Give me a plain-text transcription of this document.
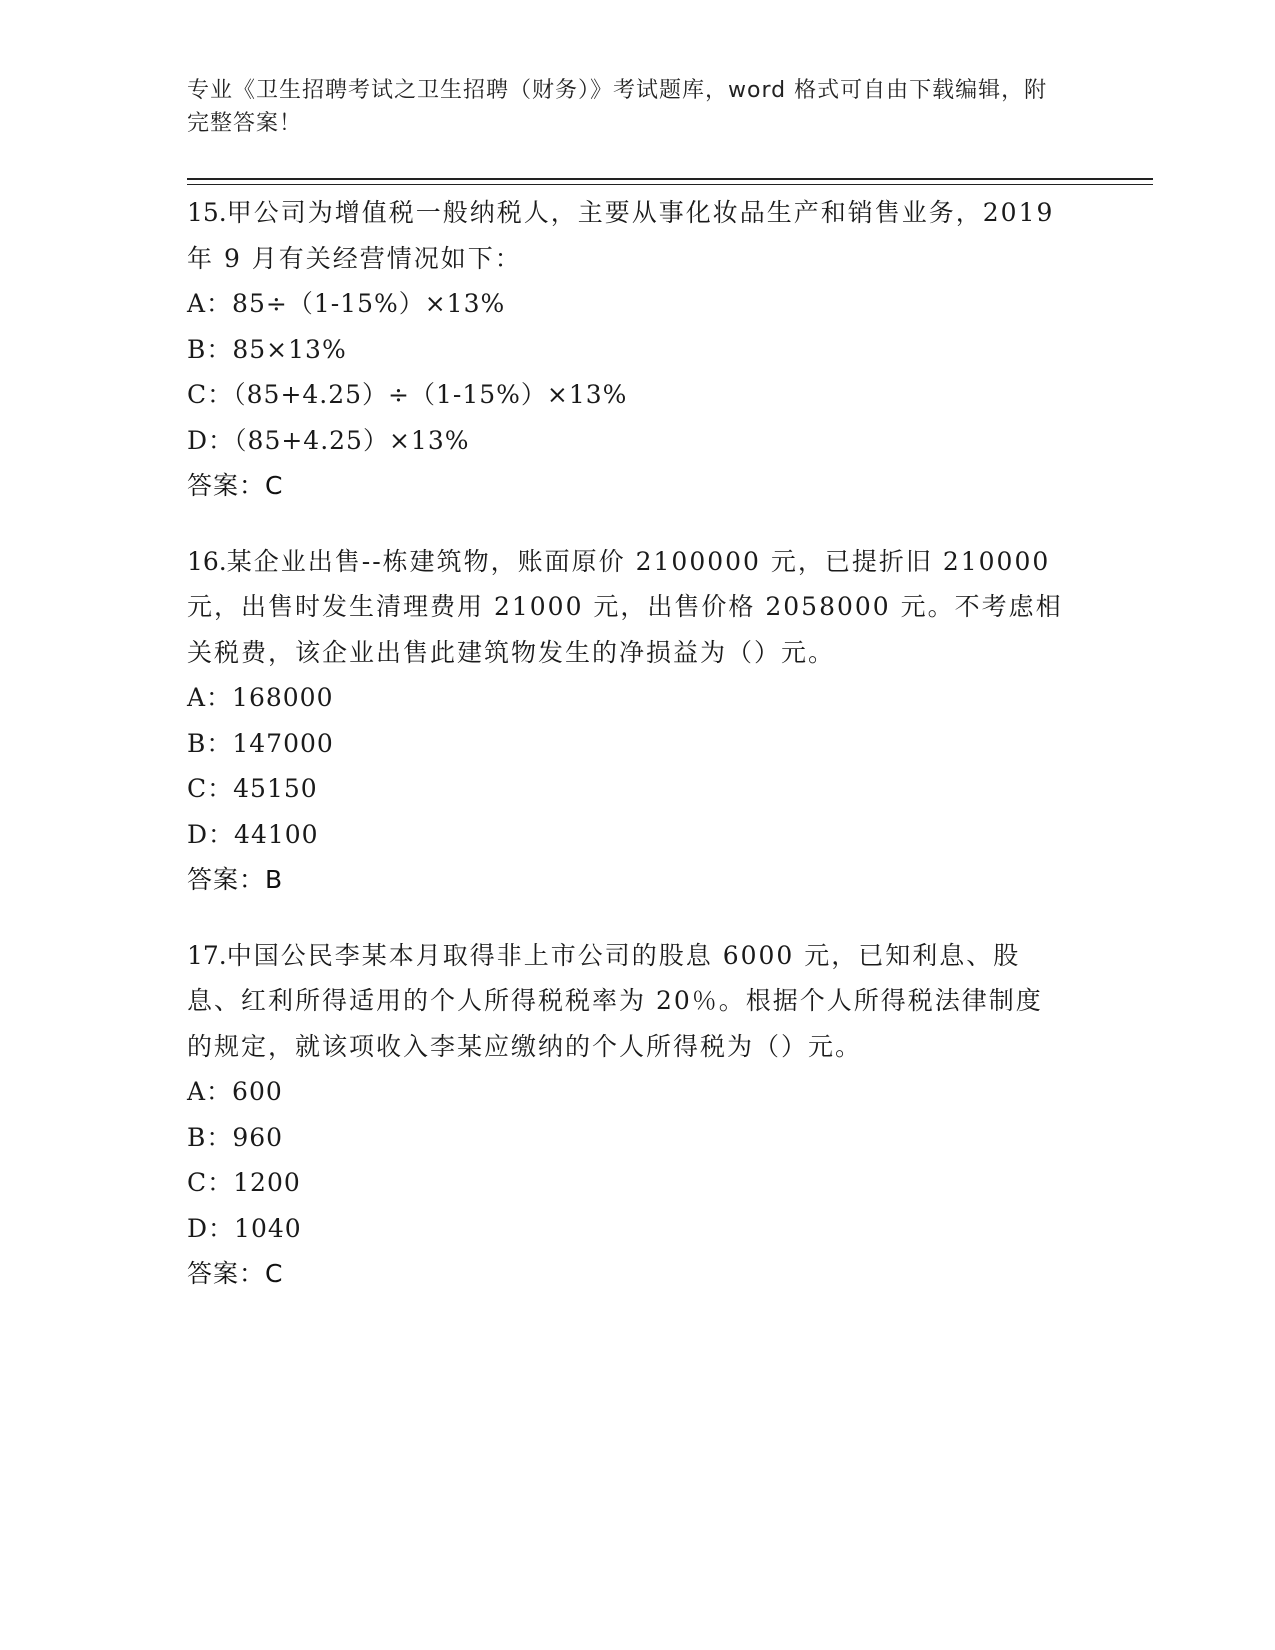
专业《卫生招聘考试之卫生招聘（财务）》考试题库，word 格式可自由下载编辑，附完整答案！
15.甲公司为增值税一般纳税人，主要从事化妆品生产和销售业务，2019 年 9 月有关经营情况如下：
A：85÷（1-15%）×13%
B：85×13%
C：（85+4.25）÷（1-15%）×13%
D：（85+4.25）×13%
答案：C
16.某企业出售--栋建筑物，账面原价 2100000 元，已提折旧 210000 元，出售时发生清理费用 21000 元，出售价格 2058000 元。不考虑相关税费，该企业出售此建筑物发生的净损益为（）元。
A：168000
B：147000
C：45150
D：44100
答案：B
17.中国公民李某本月取得非上市公司的股息 6000 元，已知利息、股息、红利所得适用的个人所得税税率为 20％。根据个人所得税法律制度的规定，就该项收入李某应缴纳的个人所得税为（）元。
A：600
B：960
C：1200
D：1040
答案：C
